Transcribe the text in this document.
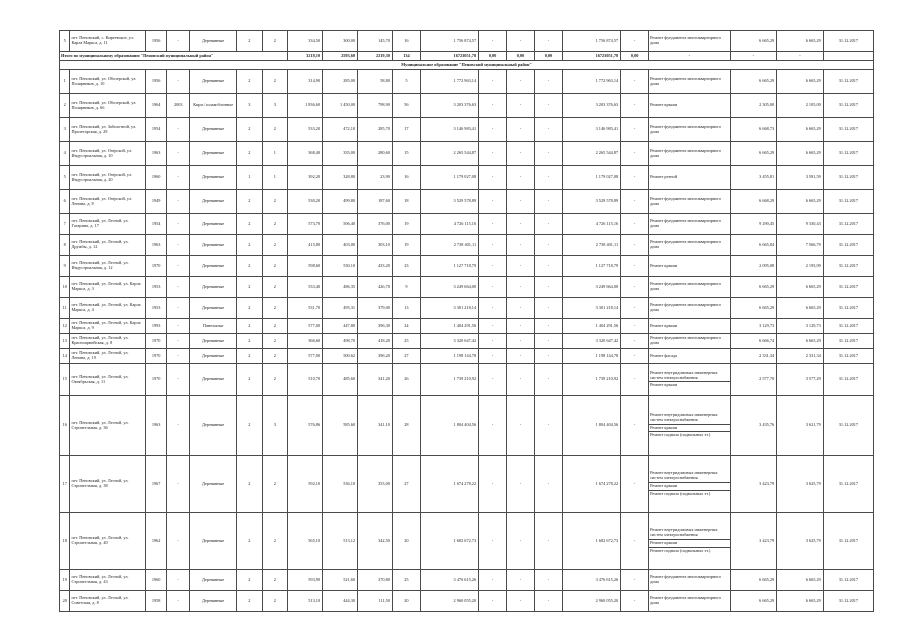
5	пгт. Пеновский, с. Киреевское, ул. Карла Маркса, д. 11	1956	-	Деревянные	2	2	334,50	300,00	145,70	16	1 756 874,57	-	-	-	1 756 874,57	-	Ремонт фундамента многоквартирного дома	6 665,29	6 665,29	31.12.2017
Итого по муниципальному образованию "Пеновский муниципальный район"							3218,10	2593,60	2219,30	134	16723051,78	0,00	0,00	0,00	16723051,78	0,00	-	-	-	
Муниципальное образование "Пеновский муниципальный район"																				
1	пгт. Пеновский, ул. Обозерской, ул. Полярников, д. 10	1956	-	Деревянные	2	2	314,90	285,00	58,80	5	1 772 963,14	-	-	-	1 772 963,14	-	Ремонт фундамента многоквартирного дома	6 665,29	6 665,29	31.12.2017
2	пгт. Пеновский, ул. Обозерской, ул. Полярников, д. 6б	1964	2003	Кирп./ шлакоблочные	3	3	1 836,60	1 450,00	798,90	56	3 203 376,63	-	-	-	3 203 376,63	-	Ремонт крыши	2 305,00	2 105,00	31.12.2017
3	пгт. Пеновский, ул. Заболотной, ул. Пролетарская, д. 29	1954	-	Деревянные	2	2	533,20	472,10	285,70	17	3 146 983,41	-	-	-	3 146 983,41	-	Ремонт фундамента многоквартирного дома	6 668,73	6 665,29	31.12.2017
4	пгт. Пеновский, ул. Озерской, ул. Индустриальная, д. 10	1963	-	Деревянные	2	1	368,40	335,00	280,60	15	2 265 544,87	-	-	-	2 265 544,87	-	Ремонт фундамента многоквартирного дома	6 665,29	6 665,29	31.12.2017
5	пгт. Пеновский, ул. Озерской, ул. Индустриальная, д. 20	1960	-	Деревянные	1	1	392,20	328,80	23,90	16	1 179 027,08	-	-	-	1 179 027,08	-	Ремонт резной	3 455,81	3 581,59	31.12.2017
6	пгт. Пеновский, ул. Озерской, ул. Ленина, д. 8	1949	-	Деревянные	2	2	530,20	499,80	187,60	18	3 529 578,89	-	-	-	3 529 578,89	-	Ремонт фундамента многоквартирного дома	6 668,29	6 665,29	31.12.2017
7	пгт. Пеновский, ул. Лесной, ул. Гагарина, д. 17	1954	-	Деревянные	2	2	573,70	506,40	376,00	19	4 726 115,16	-	-	-	4 726 115,16	-	Ремонт фундамента многоквартирного дома	9 290,45	9 330,43	31.12.2017
8	пгт. Пеновский, ул. Лесной, ул. Дружбы, д. 12	1963	-	Деревянные	2	2	415,80	403,00	303,10	19	2 738 401,11	-	-	-	2 738 401,11	-	Ремонт фундамента многоквартирного дома	6 665,84	7 566,79	31.12.2017
9	пгт. Пеновский, ул. Лесной, ул. Индустриальная, д. 12	1970	-	Деревянные	2	2	598,60	530,10	433,20	23	1 127 718,79	-	-	-	1 127 718,79	-	Ремонт крыши	2 095,08	2 195,09	31.12.2017
10	пгт. Пеновский, ул. Лесной, ул. Карла Маркса, д. 3	1953	-	Деревянные	2	2	533,40	486,35	426,70	9	3 249 664,00	-	-	-	3 249 664,00	-	Ремонт фундамента многоквартирного дома	6 665,29	6 665,29	31.12.2017
11	пгт. Пеновский, ул. Лесной, ул. Карла Маркса, д. 4	1953	-	Деревянные	2	2	531,70	495,31	379,00	13	3 301 218,14	-	-	-	3 301 218,14	-	Ремонт фундамента многоквартирного дома	6 665,29	6 665,29	31.12.2017
12	пгт. Пеновский, ул. Лесной, ул. Карла Маркса, д. 9	1993	-	Панельные	2	2	577,00	447,80	396,30	24	1 404 291,56	-	-	-	1 404 291,56	-	Ремонт крыши	3 129,73	3 129,73	31.12.2017
13	пгт. Пеновский, ул. Лесной, ул. Красноармейская, д. 8	1970	-	Деревянные	2	2	366,60	498,70	418,20	25	3 320 647,42	-	-	-	3 320 647,42	-	Ремонт фундамента многоквартирного дома	6 666,74	6 665,29	31.12.2017
14	пгт. Пеновский, ул. Лесной, ул. Ленина, д. 19	1970	-	Деревянные	2	2	577,00	500,62	396,20	27	1 198 144,78	-	-	-	1 198 144,78	-	Ремонт фасада	2 331,34	2 331,34	31.12.2017
15	пгт. Пеновский, ул. Лесной, ул. Октябрьская, д. 11	1970	-	Деревянные	2	2	510,70	485,60	341,20	26	1 739 210,92	-	-	-	1 739 210,92	-	Ремонт внутридомовых инженерных систем электроснабжения
Ремонт крыши	2 577,70	3 577,29	31.12.2017
16	пгт. Пеновский, ул. Лесной, ул. Строительная, д. 36	1963	-	Деревянные	2	3	576,86	585,60	341,10	28	1 804 404,56	-	-	-	1 804 404,56	-	Ремонт внутридомовых инженерных систем электроснабжения
Ремонт крыши
Ремонт подвала (подвальных эт.)	3 435,76	3 621,79	31.12.2017
17	пгт. Пеновский, ул. Лесной, ул. Строительная, д. 38	1967	-	Деревянные	2	2	592,10	536,10	353,00	27	1 674 278,22	-	-	-	1 674 278,22	-	Ремонт внутридомовых инженерных систем электроснабжения
Ремонт крыши
Ремонт подвала (подвальных эт.)	3 423,79	3 625,79	31.12.2017
18	пгт. Пеновский, ул. Лесной, ул. Строительная, д. 40	1962	-	Деревянные	2	2	565,10	513,12	342,50	20	1 682 672,73	-	-	-	1 682 672,73	-	Ремонт внутридомовых инженерных систем электроснабжения
Ремонт крыши
Ремонт подвала (подвальных эт.)	3 423,79	3 625,79	31.12.2017
19	пгт. Пеновский, ул. Лесной, ул. Строительная, д. 43	1960	-	Деревянные	2	2	593,90	521,60	370,80	25	3 476 615,26	-	-	-	3 476 615,26	-	Ремонт фундамента многоквартирного дома	6 665,29	6 665,29	31.12.2017
20	пгт. Пеновский, ул. Лесной, ул. Советская, д. 8	1958	-	Деревянные	2	2	513,10	444,30	111,50	20	2 960 055,20	-	-	-	2 960 055,20	-	Ремонт фундамента многоквартирного дома	6 665,29	6 665,29	31.12.2017
